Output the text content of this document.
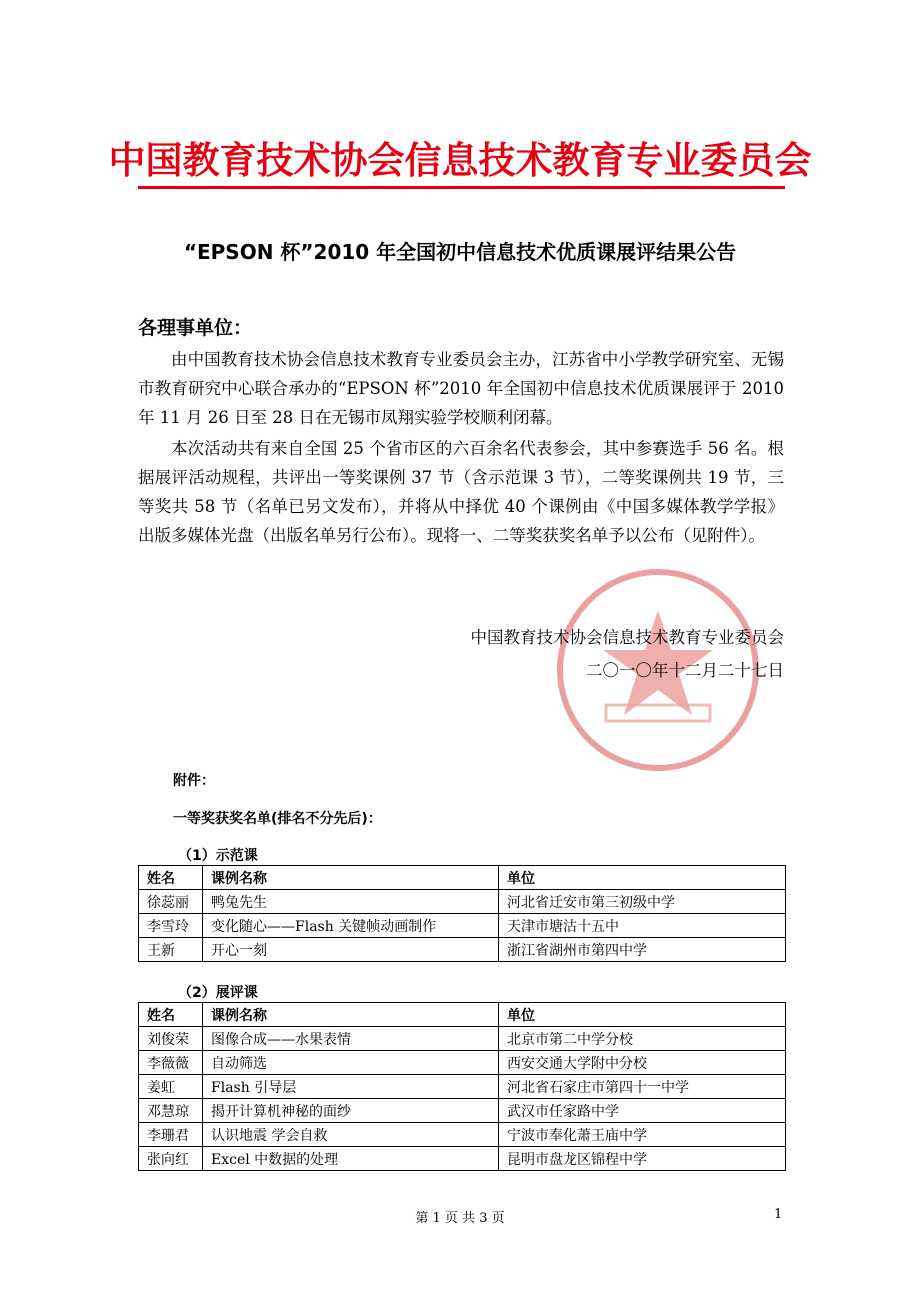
中国教育技术协会信息技术教育专业委员会
“EPSON 杯”2010 年全国初中信息技术优质课展评结果公告
各理事单位：

由中国教育技术协会信息技术教育专业委员会主办，江苏省中小学教学研究室、无锡市教育研究中心联合承办的“EPSON 杯”2010 年全国初中信息技术优质课展评于 2010 年 11 月 26 日至 28 日在无锡市凤翔实验学校顺利闭幕。

本次活动共有来自全国 25 个省市区的六百余名代表参会，其中参赛选手 56 名。根据展评活动规程，共评出一等奖课例 37 节（含示范课 3 节），二等奖课例共 19 节，三等奖共 58 节（名单已另文发布），并将从中择优 40 个课例由《中国多媒体教学学报》出版多媒体光盘（出版名单另行公布）。现将一、二等奖获奖名单予以公布（见附件）。

中国教育技术协会信息技术教育专业委员会
二〇一〇年十二月二十七日
附件：
一等奖获奖名单(排名不分先后)：
（1）示范课
姓名	课例名称	单位
徐蕊丽	鸭兔先生	河北省迁安市第三初级中学
李雪玲	变化随心——Flash 关键帧动画制作	天津市塘沽十五中
王新	开心一刻	浙江省湖州市第四中学
（2）展评课
姓名	课例名称	单位
刘俊荣	图像合成——水果表情	北京市第二中学分校
李薇薇	自动筛选	西安交通大学附中分校
姜虹	Flash 引导层	河北省石家庄市第四十一中学
邓慧琼	揭开计算机神秘的面纱	武汉市任家路中学
李珊君	认识地震 学会自救	宁波市奉化萧王庙中学
张向红	Excel 中数据的处理	昆明市盘龙区锦程中学
第 1 页 共 3 页	1
